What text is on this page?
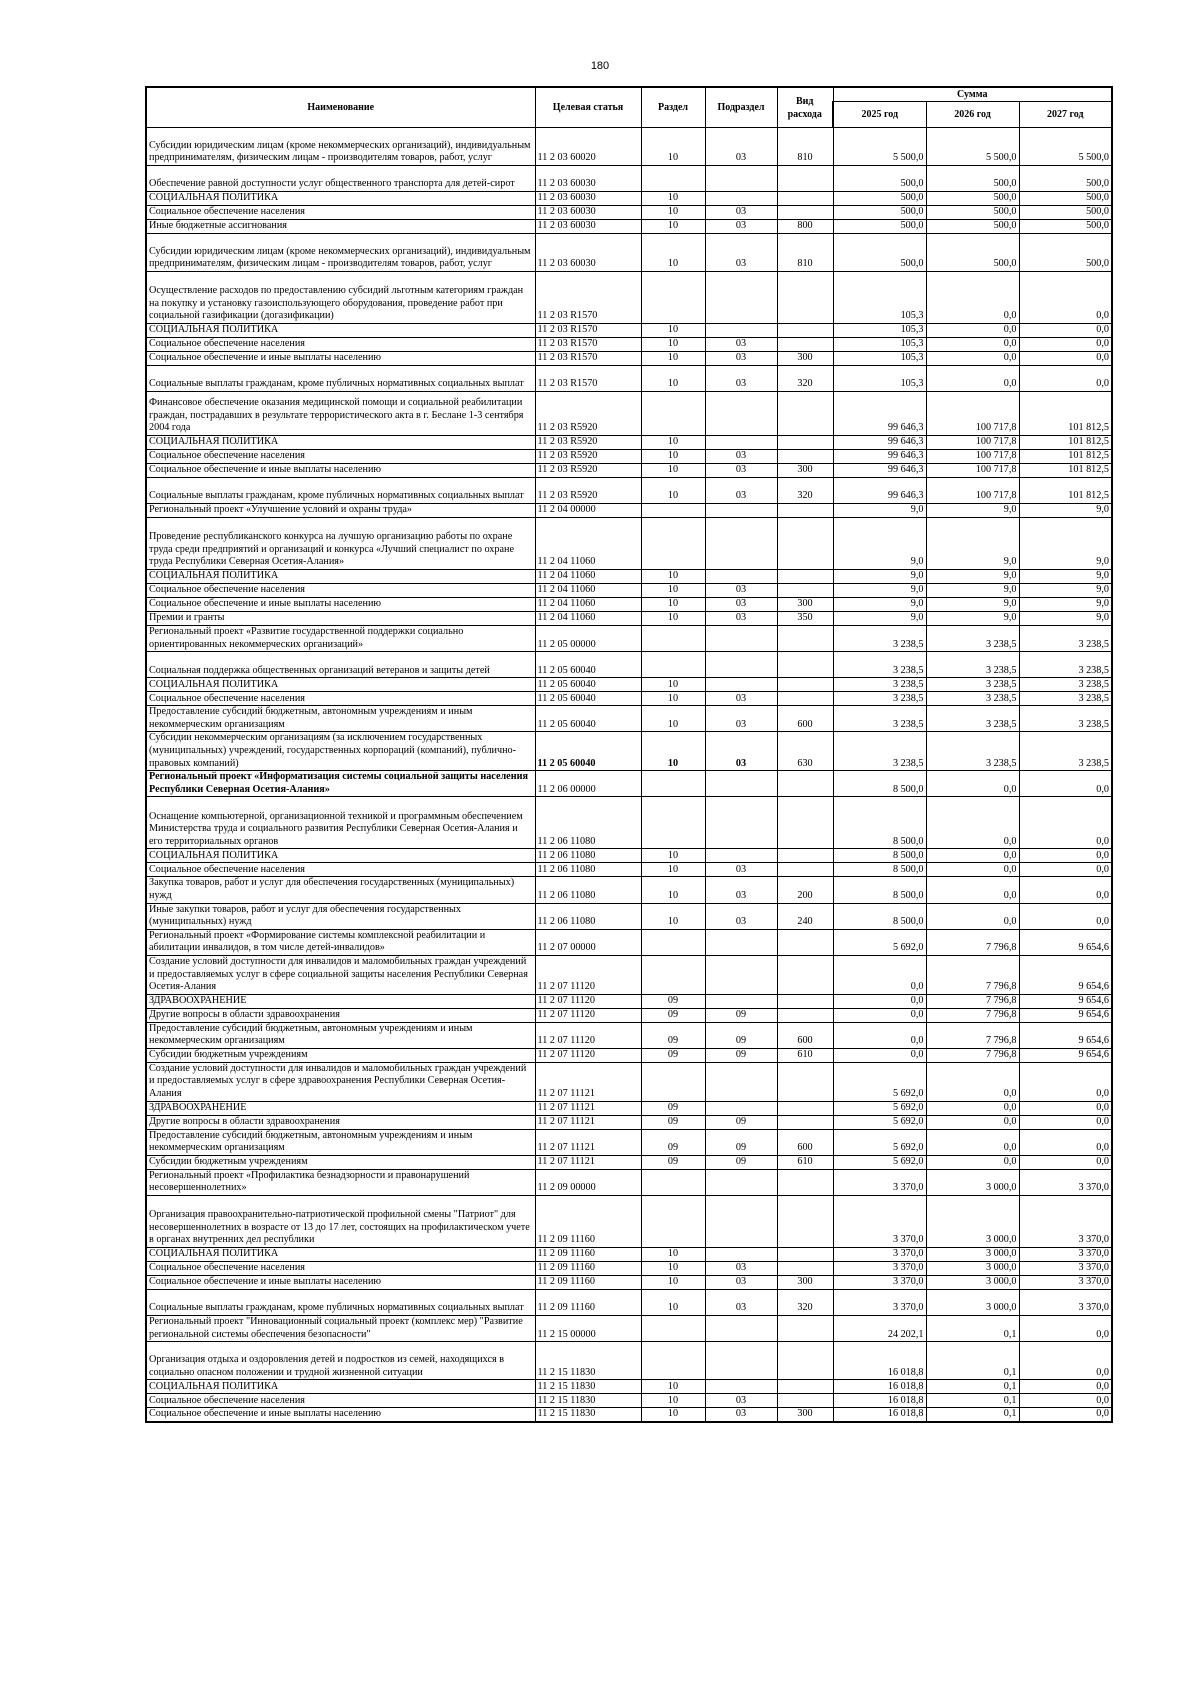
180
Наименование	Целевая статья	Раздел	Подраздел	Вид расхода	Сумма		
					2025 год	2026 год	2027 год
Субсидии юридическим лицам (кроме некоммерческих организаций), индивидуальным предпринимателям, физическим лицам - производителям товаров, работ, услуг	11 2 03 60020	10	03	810	5 500,0	5 500,0	5 500,0
Обеспечение равной доступности услуг общественного транспорта для детей-сирот	11 2 03 60030				500,0	500,0	500,0
СОЦИАЛЬНАЯ ПОЛИТИКА	11 2 03 60030	10			500,0	500,0	500,0
Социальное обеспечение населения	11 2 03 60030	10	03		500,0	500,0	500,0
Иные бюджетные ассигнования	11 2 03 60030	10	03	800	500,0	500,0	500,0
Субсидии юридическим лицам (кроме некоммерческих организаций), индивидуальным предпринимателям, физическим лицам - производителям товаров, работ, услуг	11 2 03 60030	10	03	810	500,0	500,0	500,0
Осуществление расходов по предоставлению субсидий льготным категориям граждан на покупку и установку газоиспользующего оборудования, проведение работ при социальной газификации (догазификации)	11 2 03 R1570				105,3	0,0	0,0
СОЦИАЛЬНАЯ ПОЛИТИКА	11 2 03 R1570	10			105,3	0,0	0,0
Социальное обеспечение населения	11 2 03 R1570	10	03		105,3	0,0	0,0
Социальное обеспечение и иные выплаты населению	11 2 03 R1570	10	03	300	105,3	0,0	0,0
Социальные выплаты гражданам, кроме публичных нормативных социальных выплат	11 2 03 R1570	10	03	320	105,3	0,0	0,0
Финансовое обеспечение оказания медицинской помощи и социальной реабилитации граждан, пострадавших в результате террористического акта в г. Беслане 1-3 сентября 2004 года	11 2 03 R5920				99 646,3	100 717,8	101 812,5
СОЦИАЛЬНАЯ ПОЛИТИКА	11 2 03 R5920	10			99 646,3	100 717,8	101 812,5
Социальное обеспечение населения	11 2 03 R5920	10	03		99 646,3	100 717,8	101 812,5
Социальное обеспечение и иные выплаты населению	11 2 03 R5920	10	03	300	99 646,3	100 717,8	101 812,5
Социальные выплаты гражданам, кроме публичных нормативных социальных выплат	11 2 03 R5920	10	03	320	99 646,3	100 717,8	101 812,5
Региональный проект «Улучшение условий и охраны труда»	11 2 04 00000				9,0	9,0	9,0
Проведение республиканского конкурса на лучшую организацию работы по охране труда среди предприятий и организаций и конкурса «Лучший специалист по охране труда Республики Северная Осетия-Алания»	11 2 04 11060				9,0	9,0	9,0
СОЦИАЛЬНАЯ ПОЛИТИКА	11 2 04 11060	10			9,0	9,0	9,0
Социальное обеспечение населения	11 2 04 11060	10	03		9,0	9,0	9,0
Социальное обеспечение и иные выплаты населению	11 2 04 11060	10	03	300	9,0	9,0	9,0
Премии и гранты	11 2 04 11060	10	03	350	9,0	9,0	9,0
Региональный проект «Развитие государственной поддержки социально ориентированных некоммерческих организаций»	11 2 05 00000				3 238,5	3 238,5	3 238,5
Социальная поддержка общественных организаций ветеранов и защиты детей	11 2 05 60040				3 238,5	3 238,5	3 238,5
СОЦИАЛЬНАЯ ПОЛИТИКА	11 2 05 60040	10			3 238,5	3 238,5	3 238,5
Социальное обеспечение населения	11 2 05 60040	10	03		3 238,5	3 238,5	3 238,5
Предоставление субсидий бюджетным, автономным учреждениям и иным некоммерческим организациям	11 2 05 60040	10	03	600	3 238,5	3 238,5	3 238,5
Субсидии некоммерческим организациям (за исключением государственных (муниципальных) учреждений, государственных корпораций (компаний), публично-правовых компаний)	11 2 05 60040	10	03	630	3 238,5	3 238,5	3 238,5
Региональный проект «Информатизация системы социальной защиты населения Республики Северная Осетия-Алания»	11 2 06 00000				8 500,0	0,0	0,0
Оснащение компьютерной, организационной техникой и программным обеспечением Министерства труда и социального развития Республики Северная Осетия-Алания и его территориальных органов	11 2 06 11080				8 500,0	0,0	0,0
СОЦИАЛЬНАЯ ПОЛИТИКА	11 2 06 11080	10			8 500,0	0,0	0,0
Социальное обеспечение населения	11 2 06 11080	10	03		8 500,0	0,0	0,0
Закупка товаров, работ и услуг для обеспечения государственных (муниципальных) нужд	11 2 06 11080	10	03	200	8 500,0	0,0	0,0
Иные закупки товаров, работ и услуг для обеспечения государственных (муниципальных) нужд	11 2 06 11080	10	03	240	8 500,0	0,0	0,0
Региональный проект «Формирование системы комплексной реабилитации и абилитации инвалидов, в том числе детей-инвалидов»	11 2 07 00000				5 692,0	7 796,8	9 654,6
Создание условий доступности для инвалидов и маломобильных граждан учреждений и предоставляемых услуг в сфере социальной защиты населения Республики Северная Осетия-Алания	11 2 07 11120				0,0	7 796,8	9 654,6
ЗДРАВООХРАНЕНИЕ	11 2 07 11120	09			0,0	7 796,8	9 654,6
Другие вопросы в области здравоохранения	11 2 07 11120	09	09		0,0	7 796,8	9 654,6
Предоставление субсидий бюджетным, автономным учреждениям и иным некоммерческим организациям	11 2 07 11120	09	09	600	0,0	7 796,8	9 654,6
Субсидии бюджетным учреждениям	11 2 07 11120	09	09	610	0,0	7 796,8	9 654,6
Создание условий доступности для инвалидов и маломобильных граждан учреждений и предоставляемых услуг в сфере здравоохранения Республики Северная Осетия-Алания	11 2 07 11121				5 692,0	0,0	0,0
ЗДРАВООХРАНЕНИЕ	11 2 07 11121	09			5 692,0	0,0	0,0
Другие вопросы в области здравоохранения	11 2 07 11121	09	09		5 692,0	0,0	0,0
Предоставление субсидий бюджетным, автономным учреждениям и иным некоммерческим организациям	11 2 07 11121	09	09	600	5 692,0	0,0	0,0
Субсидии бюджетным учреждениям	11 2 07 11121	09	09	610	5 692,0	0,0	0,0
Региональный проект «Профилактика безнадзорности и правонарушений несовершеннолетних»	11 2 09 00000				3 370,0	3 000,0	3 370,0
Организация правоохранительно-патриотической профильной смены "Патриот" для несовершеннолетних в возрасте от 13 до 17 лет, состоящих на профилактическом учете в органах внутренних дел республики	11 2 09 11160				3 370,0	3 000,0	3 370,0
СОЦИАЛЬНАЯ ПОЛИТИКА	11 2 09 11160	10			3 370,0	3 000,0	3 370,0
Социальное обеспечение населения	11 2 09 11160	10	03		3 370,0	3 000,0	3 370,0
Социальное обеспечение и иные выплаты населению	11 2 09 11160	10	03	300	3 370,0	3 000,0	3 370,0
Социальные выплаты гражданам, кроме публичных нормативных социальных выплат	11 2 09 11160	10	03	320	3 370,0	3 000,0	3 370,0
Региональный проект "Инновационный социальный проект (комплекс мер) "Развитие региональной системы обеспечения безопасности"	11 2 15 00000				24 202,1	0,1	0,0
Организация отдыха и оздоровления детей и подростков из семей, находящихся в социально опасном положении и трудной жизненной ситуации	11 2 15 11830				16 018,8	0,1	0,0
СОЦИАЛЬНАЯ ПОЛИТИКА	11 2 15 11830	10			16 018,8	0,1	0,0
Социальное обеспечение населения	11 2 15 11830	10	03		16 018,8	0,1	0,0
Социальное обеспечение и иные выплаты населению	11 2 15 11830	10	03	300	16 018,8	0,1	0,0
